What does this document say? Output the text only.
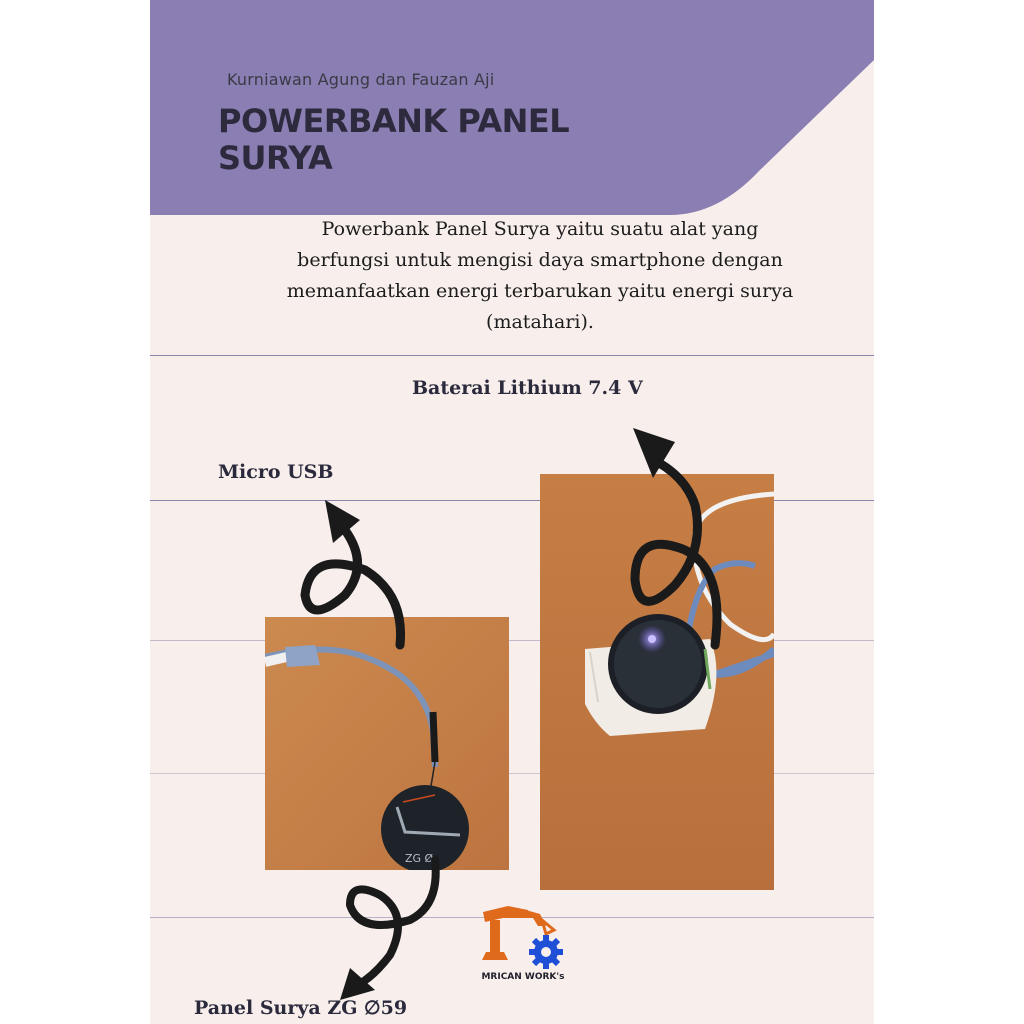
Kurniawan Agung dan Fauzan Aji
POWERBANK PANEL SURYA
Powerbank Panel Surya yaitu suatu alat yang berfungsi untuk mengisi daya smartphone dengan memanfaatkan energi terbarukan yaitu energi surya (matahari).
Baterai Lithium 7.4 V
Micro USB
Panel Surya ZG ∅59
ZG Ø
MRICAN WORK's
